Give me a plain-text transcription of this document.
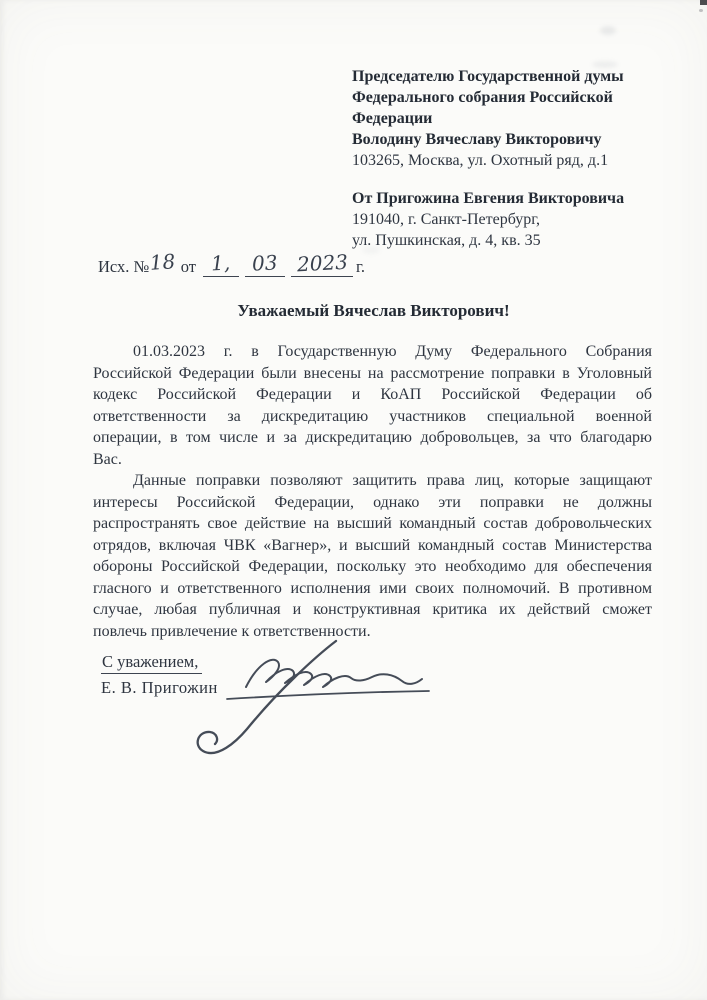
Председателю Государственной думы
Федерального собрания Российской
Федерации
Володину Вячеславу Викторовичу
103265, Москва, ул. Охотный ряд, д.1
От Пригожина Евгения Викторовича
191040, г. Санкт-Петербург,
ул. Пушкинская, д. 4, кв. 35
Исх. №18 от 1, 03 2023 г.
Уважаемый Вячеслав Викторович!
01.03.2023 г. в Государственную Думу Федерального Собрания
Российской Федерации были внесены на рассмотрение поправки в Уголовный
кодекс Российской Федерации и КоАП Российской Федерации об
ответственности за дискредитацию участников специальной военной
операции, в том числе и за дискредитацию добровольцев, за что благодарю
Вас.
Данные поправки позволяют защитить права лиц, которые защищают
интересы Российской Федерации, однако эти поправки не должны
распространять свое действие на высший командный состав добровольческих
отрядов, включая ЧВК «Вагнер», и высший командный состав Министерства
обороны Российской Федерации, поскольку это необходимо для обеспечения
гласного и ответственного исполнения ими своих полномочий. В противном
случае, любая публичная и конструктивная критика их действий сможет
повлечь привлечение к ответственности.
С уважением,
Е. В. Пригожин
